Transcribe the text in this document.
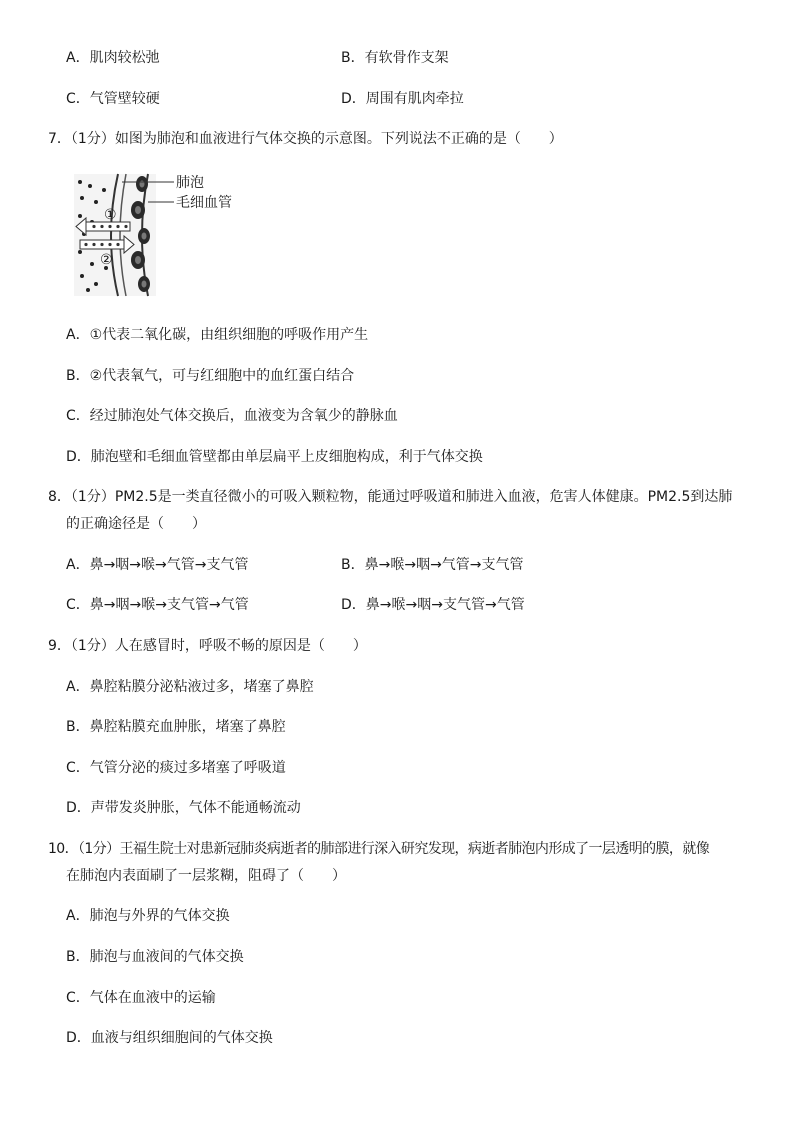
A．肌肉较松弛	B．有软骨作支架
C．气管壁较硬	D．周围有肌肉牵拉
7．（1分）如图为肺泡和血液进行气体交换的示意图。下列说法不正确的是（　　）
①
②
肺泡
毛细血管
A．①代表二氧化碳，由组织细胞的呼吸作用产生
B．②代表氧气，可与红细胞中的血红蛋白结合
C．经过肺泡处气体交换后，血液变为含氧少的静脉血
D．肺泡壁和毛细血管壁都由单层扁平上皮细胞构成，利于气体交换
8．（1分）PM2.5是一类直径微小的可吸入颗粒物，能通过呼吸道和肺进入血液，危害人体健康。PM2.5到达肺
的正确途径是（　　）
A．鼻→咽→喉→气管→支气管	B．鼻→喉→咽→气管→支气管
C．鼻→咽→喉→支气管→气管	D．鼻→喉→咽→支气管→气管
9．（1分）人在感冒时，呼吸不畅的原因是（　　）
A．鼻腔粘膜分泌粘液过多，堵塞了鼻腔
B．鼻腔粘膜充血肿胀，堵塞了鼻腔
C．气管分泌的痰过多堵塞了呼吸道
D．声带发炎肿胀，气体不能通畅流动
10．（1分）王福生院士对患新冠肺炎病逝者的肺部进行深入研究发现，病逝者肺泡内形成了一层透明的膜，就像
在肺泡内表面刷了一层浆糊，阻碍了（　　）
A．肺泡与外界的气体交换
B．肺泡与血液间的气体交换
C．气体在血液中的运输
D．血液与组织细胞间的气体交换
